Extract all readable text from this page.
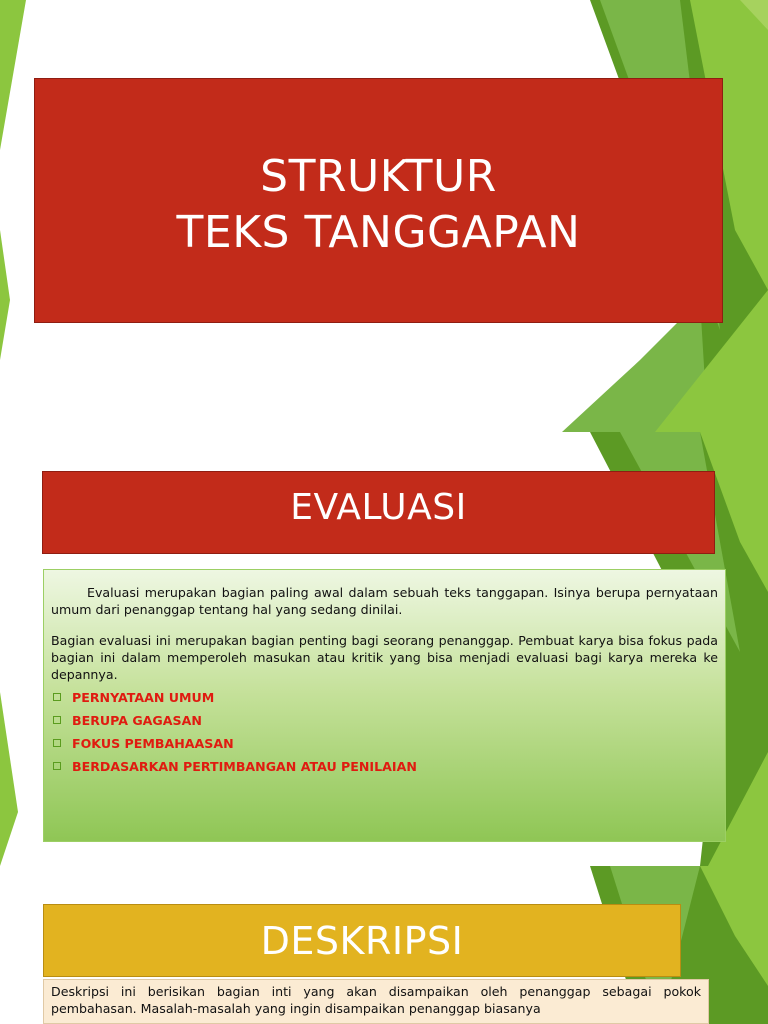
STRUKTUR
TEKS TANGGAPAN
EVALUASI

Evaluasi merupakan bagian paling awal dalam sebuah teks tanggapan. Isinya berupa pernyataan umum dari penanggap tentang hal yang sedang dinilai.

Bagian evaluasi ini merupakan bagian penting bagi seorang penanggap. Pembuat karya bisa fokus pada bagian ini dalam memperoleh masukan atau kritik yang bisa menjadi evaluasi bagi karya mereka ke depannya.

PERNYATAAN UMUM
BERUPA GAGASAN
FOKUS PEMBAHAASAN
BERDASARKAN PERTIMBANGAN ATAU PENILAIAN
DESKRIPSI

Deskripsi ini berisikan bagian inti yang akan disampaikan oleh penanggap sebagai pokok pembahasan. Masalah-masalah yang ingin disampaikan penanggap biasanya
